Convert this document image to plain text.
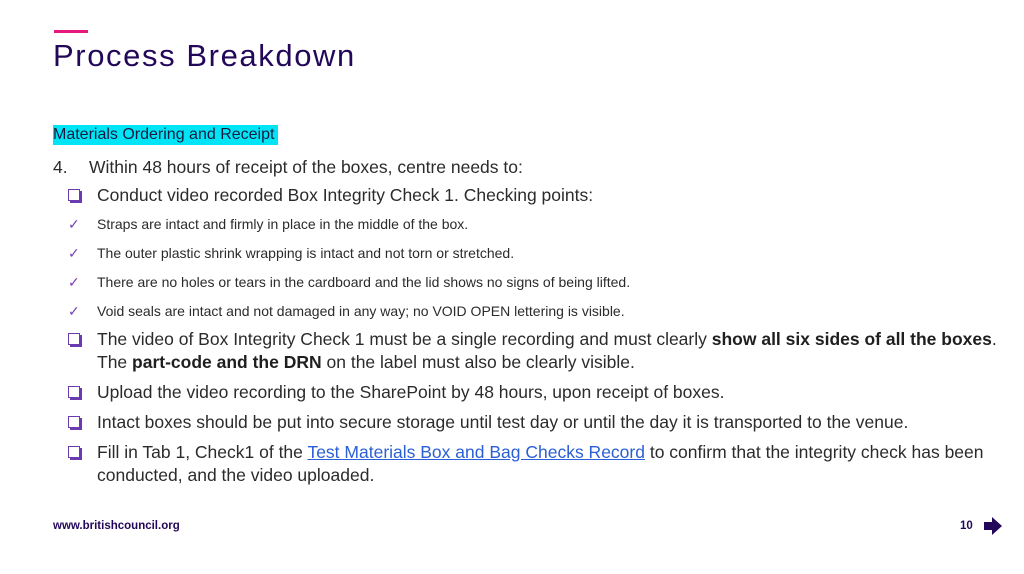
Process Breakdown
Materials Ordering and Receipt
4. Within 48 hours of receipt of the boxes, centre needs to:
Conduct video recorded Box Integrity Check 1. Checking points:
✓ Straps are intact and firmly in place in the middle of the box.
✓ The outer plastic shrink wrapping is intact and not torn or stretched.
✓ There are no holes or tears in the cardboard and the lid shows no signs of being lifted.
✓ Void seals are intact and not damaged in any way; no VOID OPEN lettering is visible.
The video of Box Integrity Check 1 must be a single recording and must clearly show all six sides of all the boxes. The part-code and the DRN on the label must also be clearly visible.
Upload the video recording to the SharePoint by 48 hours, upon receipt of boxes.
Intact boxes should be put into secure storage until test day or until the day it is transported to the venue.
Fill in Tab 1, Check1 of the Test Materials Box and Bag Checks Record to confirm that the integrity check has been conducted, and the video uploaded.
www.britishcouncil.org	10
